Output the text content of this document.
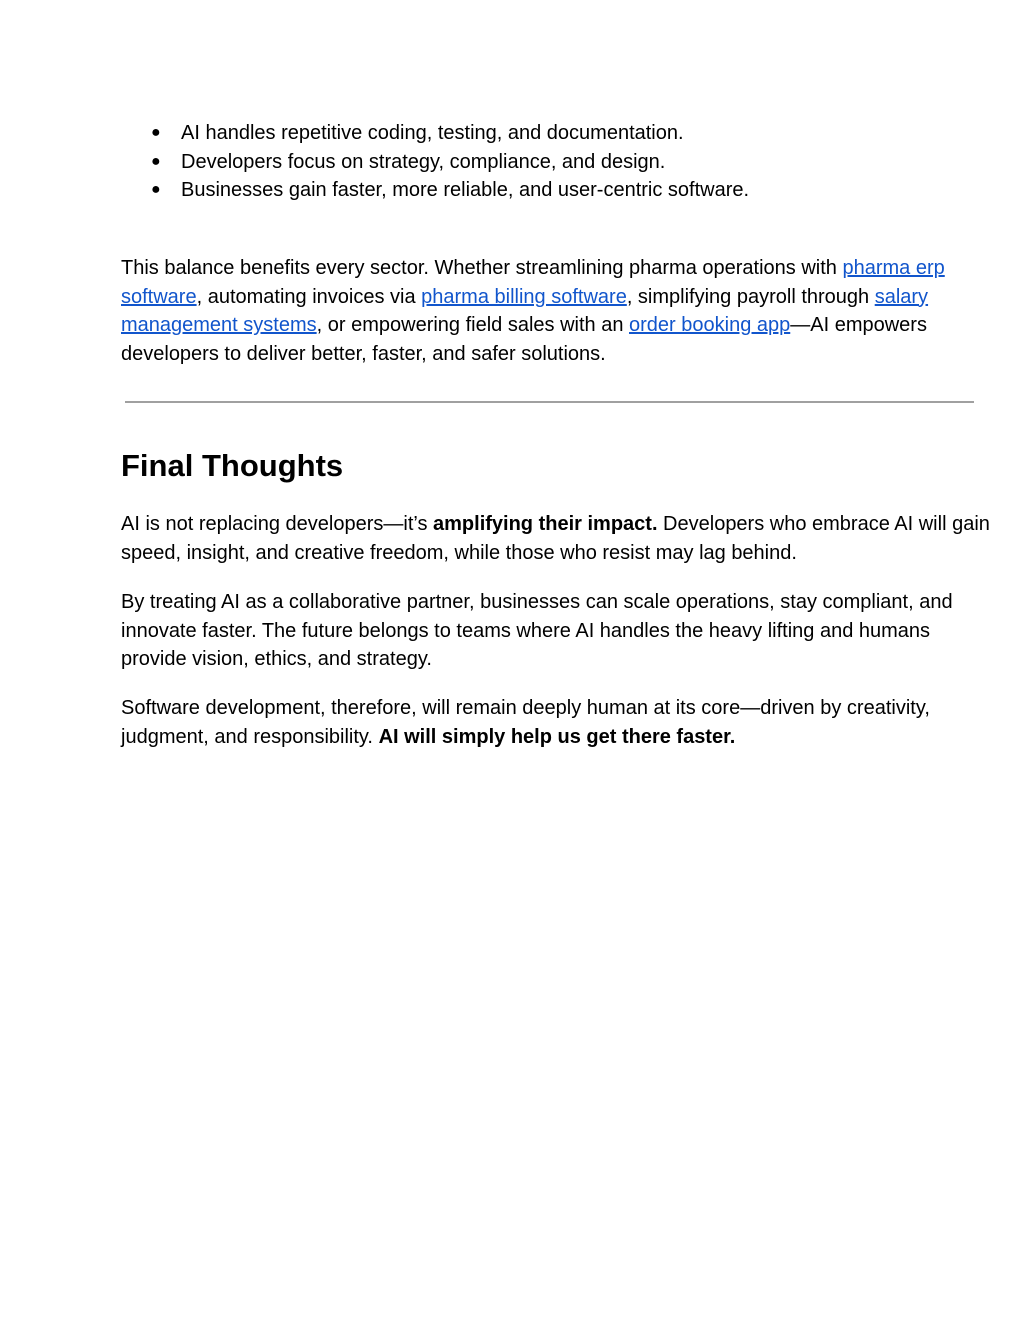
● AI handles repetitive coding, testing, and documentation.
● Developers focus on strategy, compliance, and design.
● Businesses gain faster, more reliable, and user-centric software.

This balance benefits every sector. Whether streamlining pharma operations with pharma erp software, automating invoices via pharma billing software, simplifying payroll through salary management systems, or empowering field sales with an order booking app—AI empowers developers to deliver better, faster, and safer solutions.

Final Thoughts

AI is not replacing developers—it’s amplifying their impact. Developers who embrace AI will gain speed, insight, and creative freedom, while those who resist may lag behind.

By treating AI as a collaborative partner, businesses can scale operations, stay compliant, and innovate faster. The future belongs to teams where AI handles the heavy lifting and humans provide vision, ethics, and strategy.

Software development, therefore, will remain deeply human at its core—driven by creativity, judgment, and responsibility. AI will simply help us get there faster.
